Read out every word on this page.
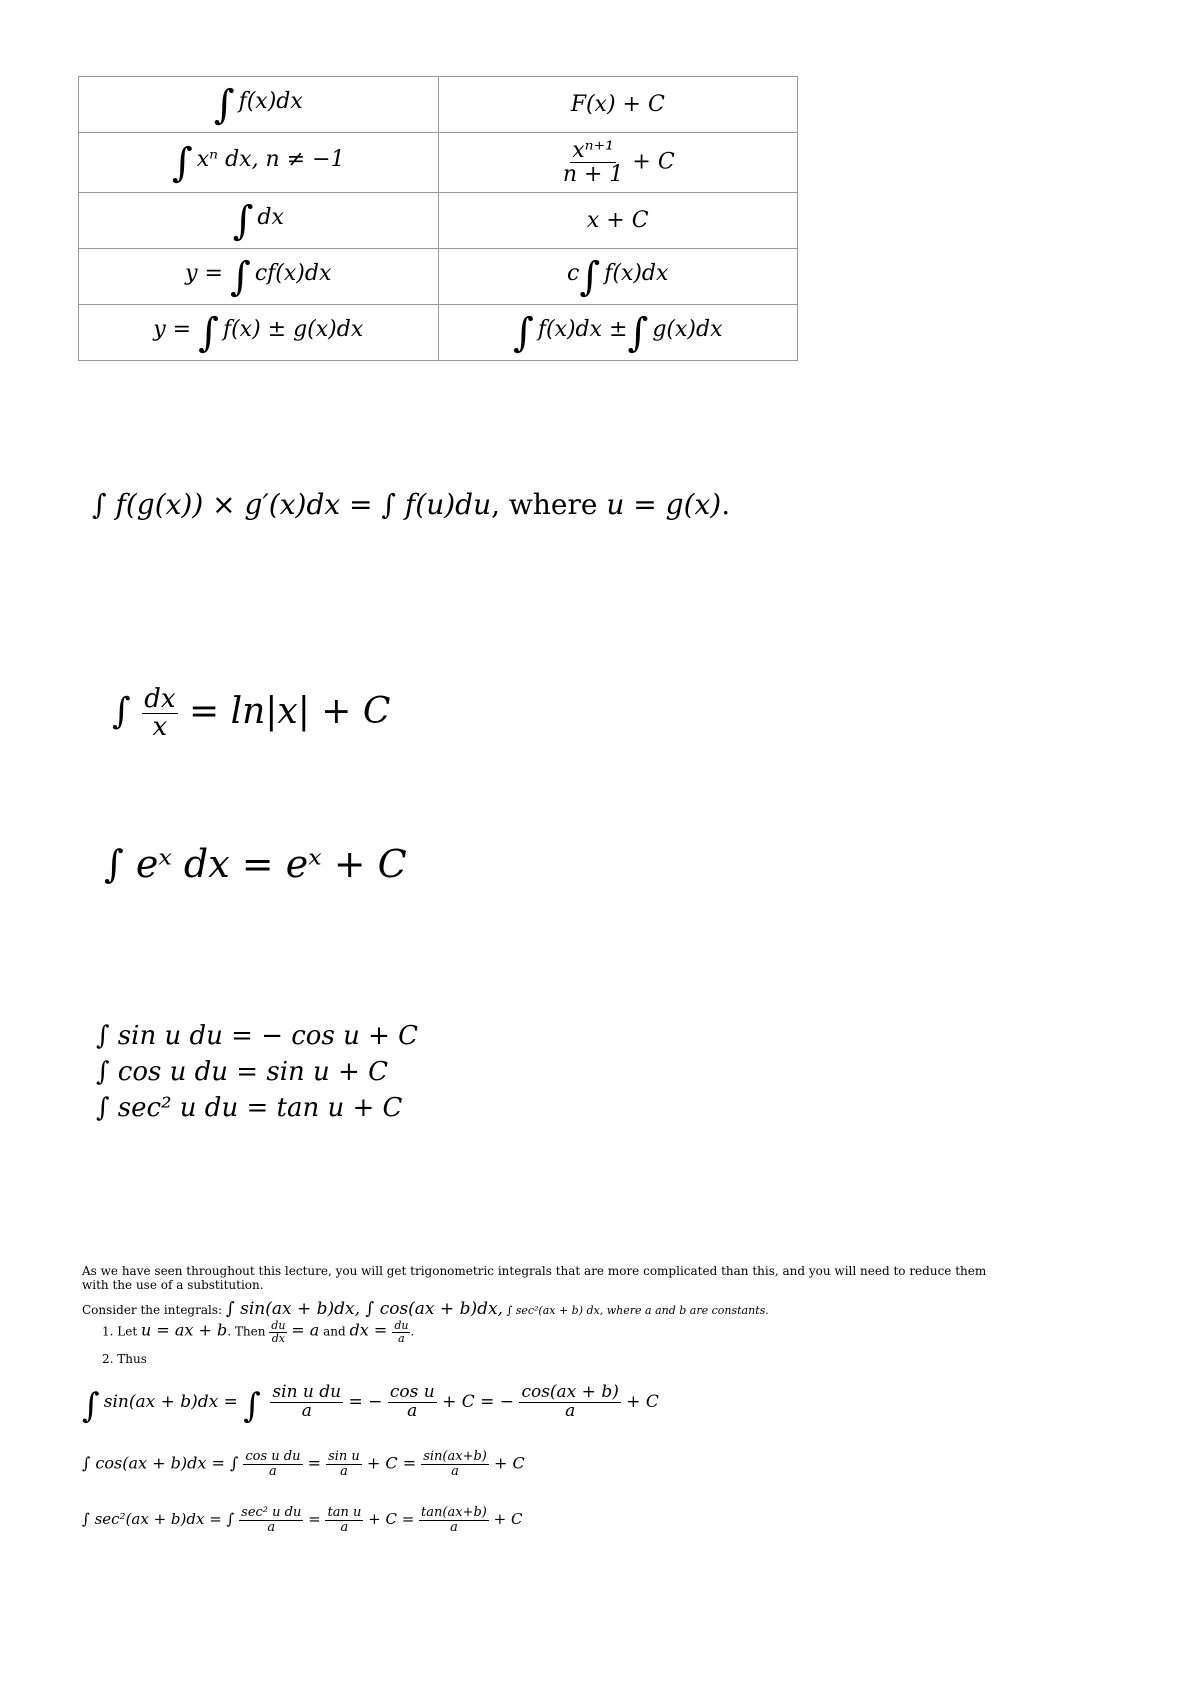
∫ f(x)dx	F(x) + C
∫ xⁿ dx, n ≠ −1	$\frac{\text{xⁿ⁺¹}}{n + 1} + C$
∫ dx	x + C
y = ∫ cf(x)dx	c∫ f(x)dx
y = ∫ f(x) ± g(x)dx	∫ f(x)dx ±∫ g(x)dx
∫ f(g(x)) × g′(x)dx = ∫ f(u)du, where u = g(x).
∫ $\frac{dx}{x} = \ln|x| + C$
∫ eˣ dx = eˣ + C
∫ sin u du = − cos u + C
∫ cos u du = sin u + C
∫ sec² u du = tan u + C
As we have seen throughout this lecture, you will get trigonometric integrals that are more complicated than this, and you will need to reduce them with the use of a substitution.
Consider the integrals: ∫ sin(ax + b)dx, ∫ cos(ax + b)dx, ∫ sec²(ax + b) dx, where a and b are constants.
1. Let u = ax + b. Then $\frac{du}{dx} = a$ and dx = $\frac{du}{a}$ .
2. Thus
∫ sin(ax + b)dx = ∫ $\frac{\text{sin u du}}{a}$ = − $\frac{\text{cos u}}{a} + C$ = − $\frac{\cos(ax + b)}{a} + C$
∫ cos(ax + b)dx = ∫ $\frac{\text{cos u du}}{a} = \frac{\text{sin u}}{a} + C = \frac{\sin(ax+b)}{a} + C$
∫ sec²(ax + b)dx = ∫ $\frac{\text{sec² u du}}{a} = \frac{\text{tan u}}{a} + C = \frac{\tan(ax+b)}{a} + C$
